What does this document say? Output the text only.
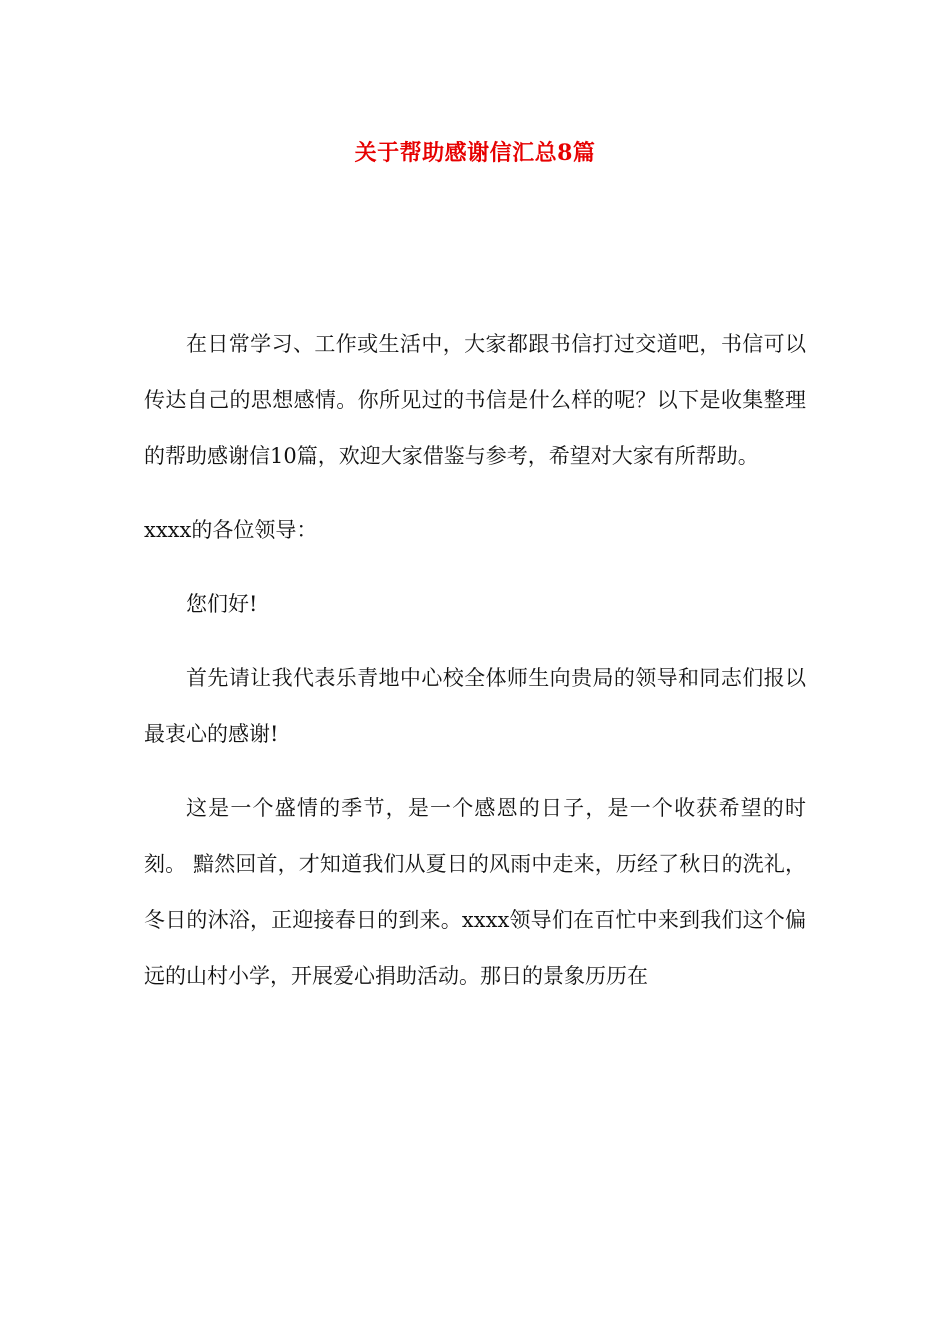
关于帮助感谢信汇总8篇

在日常学习、工作或生活中，大家都跟书信打过交道吧，书信可以传达自己的思想感情。你所见过的书信是什么样的呢？以下是收集整理的帮助感谢信10篇，欢迎大家借鉴与参考，希望对大家有所帮助。

xxxx的各位领导：

您们好!

首先请让我代表乐青地中心校全体师生向贵局的领导和同志们报以最衷心的感谢!

这是一个盛情的季节，是一个感恩的日子，是一个收获希望的时刻。 黯然回首，才知道我们从夏日的风雨中走来，历经了秋日的洗礼，冬日的沐浴，正迎接春日的到来。xxxx领导们在百忙中来到我们这个偏远的山村小学，开展爱心捐助活动。那日的景象历历在
